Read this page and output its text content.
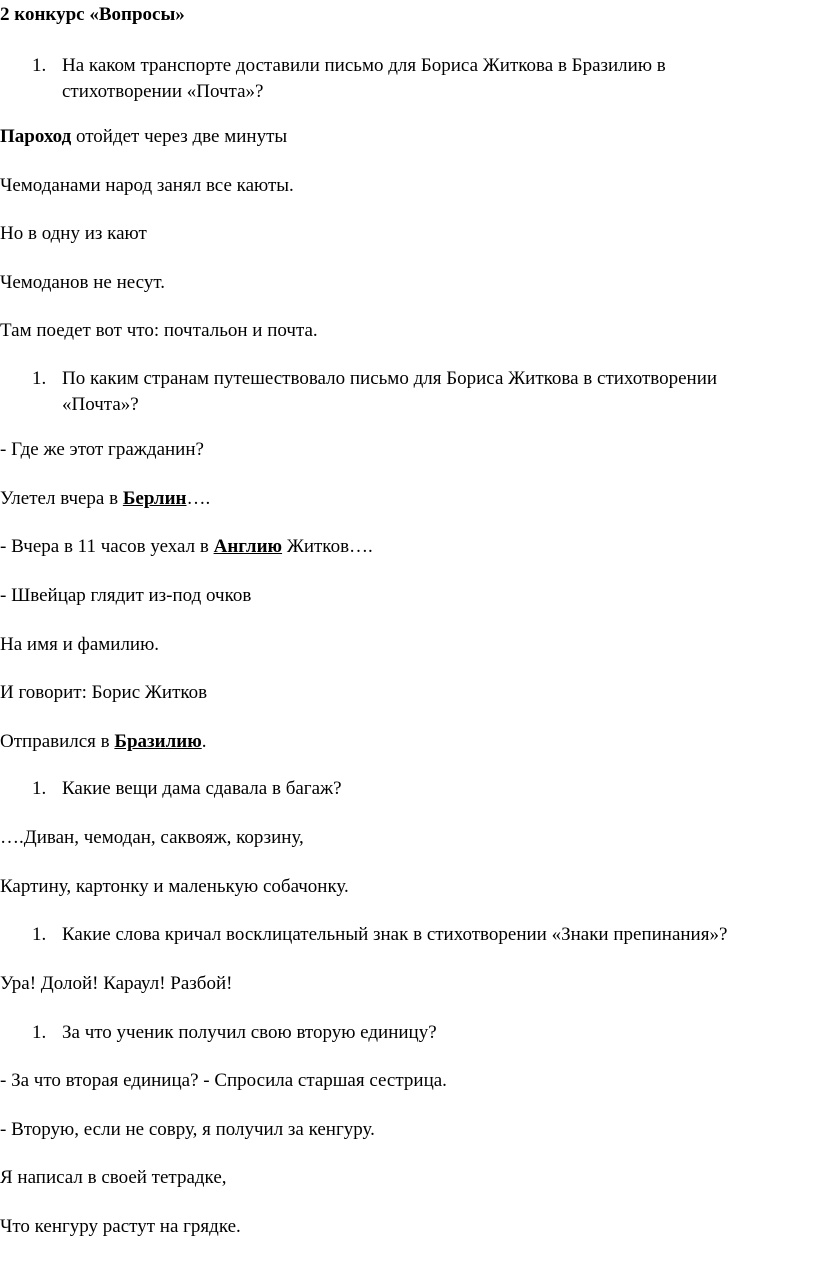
2 конкурс «Вопросы»
1. На каком транспорте доставили письмо для Бориса Житкова в Бразилию в
стихотворении «Почта»?
Пароход отойдет через две минуты
Чемоданами народ занял все каюты.
Но в одну из кают
Чемоданов не несут.
Там поедет вот что: почтальон и почта.
1. По каким странам путешествовало письмо для Бориса Житкова в стихотворении
«Почта»?
- Где же этот гражданин?
Улетел вчера в Берлин….
- Вчера в 11 часов уехал в Англию Житков….
- Швейцар глядит из-под очков
На имя и фамилию.
И говорит: Борис Житков
Отправился в Бразилию.
1. Какие вещи дама сдавала в багаж?
….Диван, чемодан, саквояж, корзину,
Картину, картонку и маленькую собачонку.
1. Какие слова кричал восклицательный знак в стихотворении «Знаки препинания»?
Ура! Долой! Караул! Разбой!
1. За что ученик получил свою вторую единицу?
- За что вторая единица? - Спросила старшая сестрица.
- Вторую, если не совру, я получил за кенгуру.
Я написал в своей тетрадке,
Что кенгуру растут на грядке.
